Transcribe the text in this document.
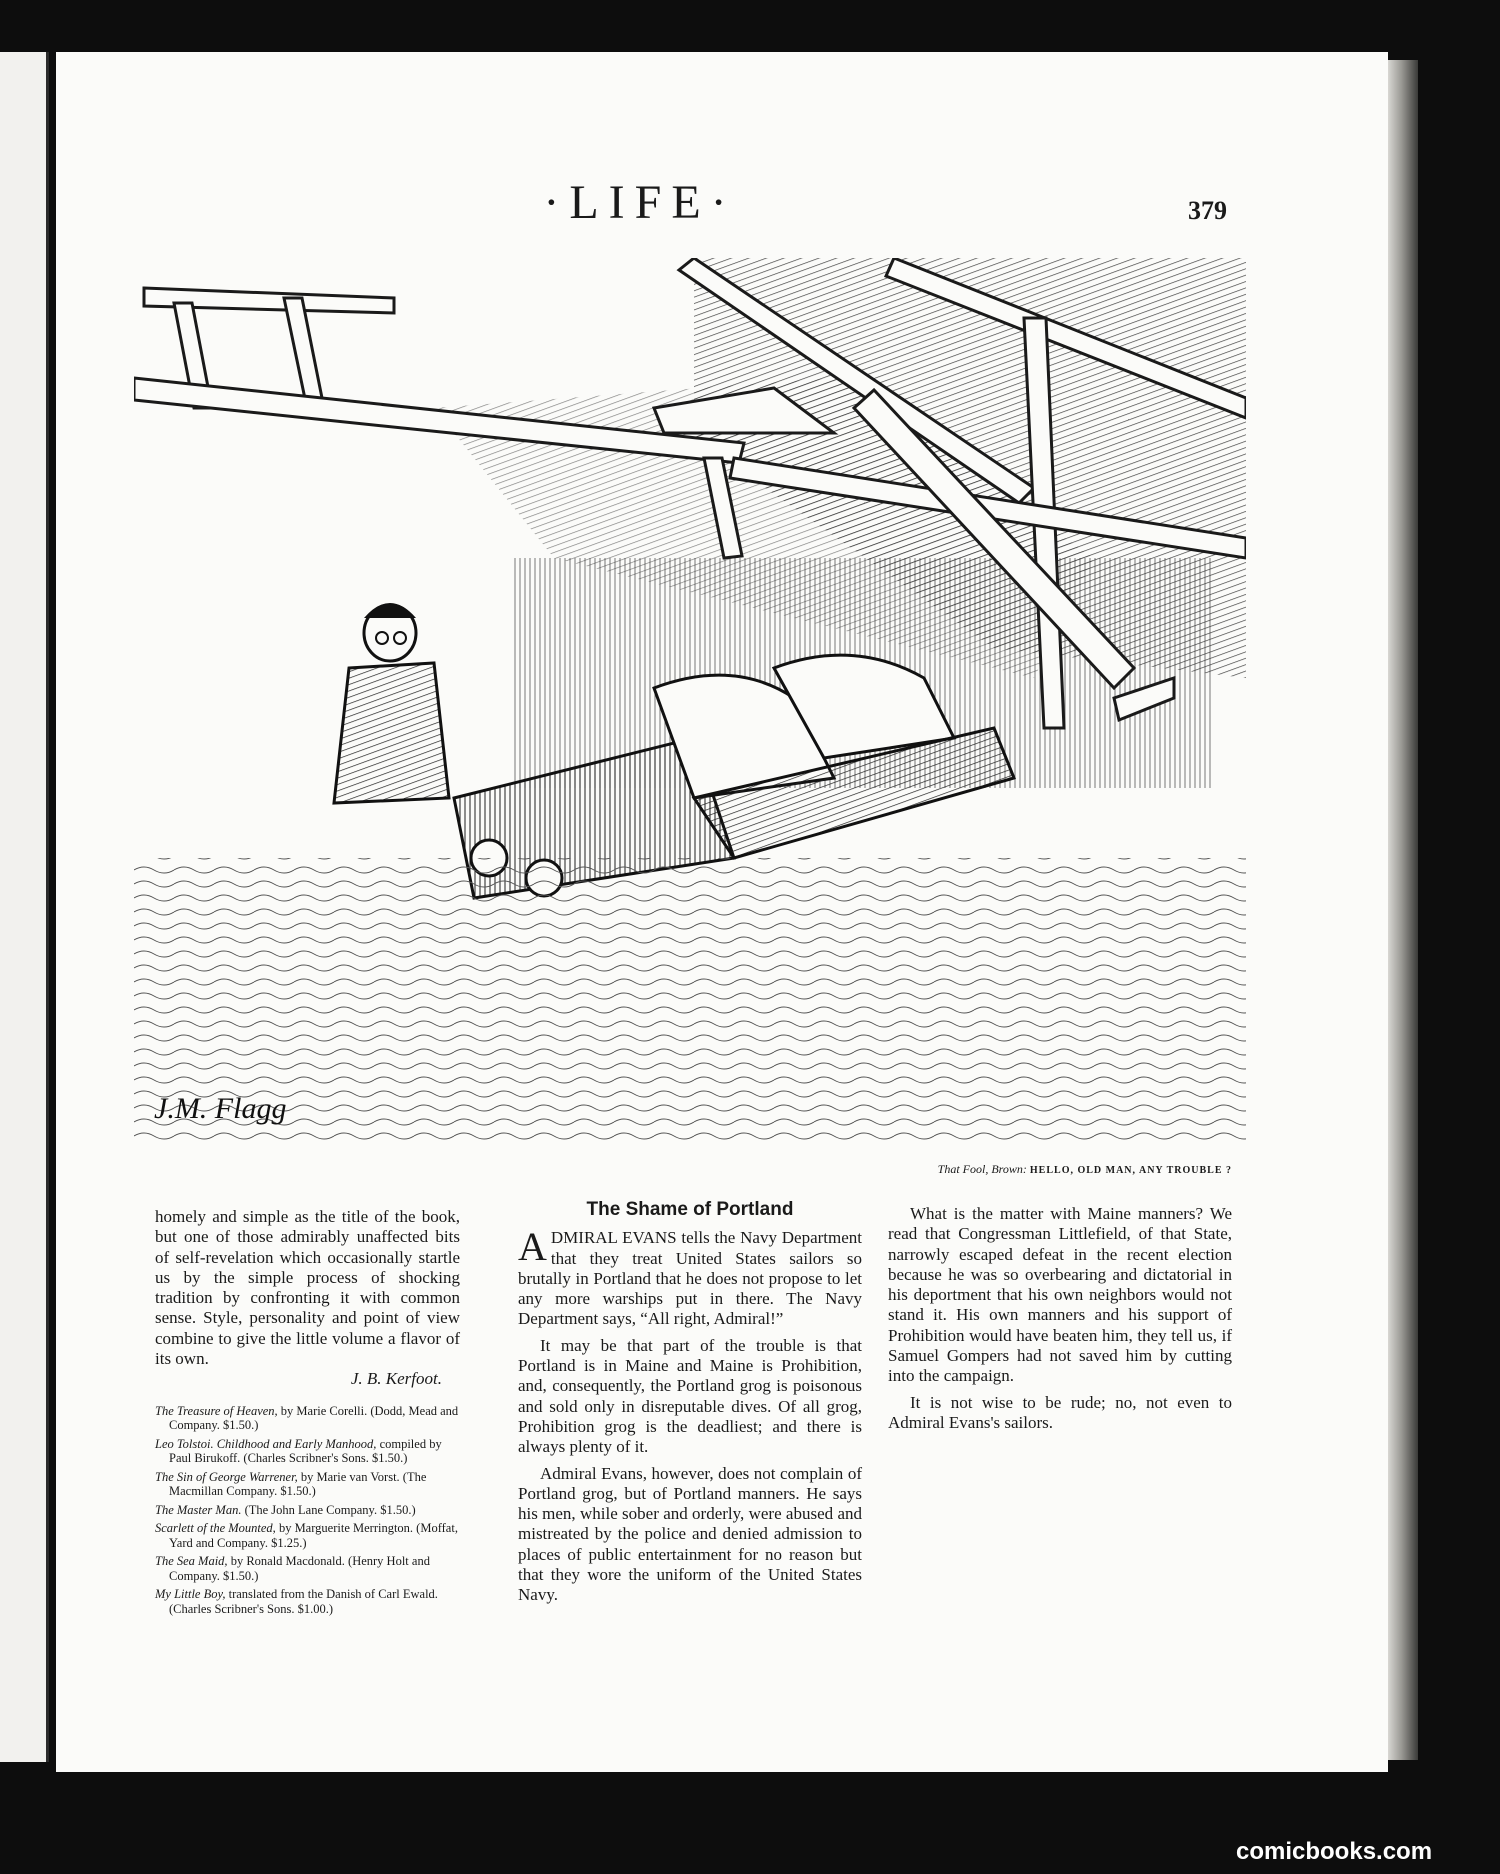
·LIFE·	379
J.M. Flagg
That Fool, Brown: HELLO, OLD MAN, ANY TROUBLE ?

homely and simple as the title of the book, but one of those admirably unaffected bits of self-revelation which occasionally startle us by the simple process of shocking tradition by confronting it with common sense. Style, personality and point of view combine to give the little volume a flavor of its own.

J. B. Kerfoot.

The Treasure of Heaven, by Marie Corelli. (Dodd, Mead and Company. $1.50.)

Leo Tolstoi. Childhood and Early Manhood, compiled by Paul Birukoff. (Charles Scribner's Sons. $1.50.)

The Sin of George Warrener, by Marie van Vorst. (The Macmillan Company. $1.50.)

The Master Man. (The John Lane Company. $1.50.)

Scarlett of the Mounted, by Marguerite Merrington. (Moffat, Yard and Company. $1.25.)

The Sea Maid, by Ronald Macdonald. (Henry Holt and Company. $1.50.)

My Little Boy, translated from the Danish of Carl Ewald. (Charles Scribner's Sons. $1.00.)

The Shame of Portland

ADMIRAL EVANS tells the Navy Department that they treat United States sailors so brutally in Portland that he does not propose to let any more warships put in there. The Navy Department says, “All right, Admiral!”

It may be that part of the trouble is that Portland is in Maine and Maine is Prohibition, and, consequently, the Portland grog is poisonous and sold only in disreputable dives. Of all grog, Prohibition grog is the deadliest; and there is always plenty of it.

Admiral Evans, however, does not complain of Portland grog, but of Portland manners. He says his men, while sober and orderly, were abused and mistreated by the police and denied admission to places of public entertainment for no reason but that they wore the uniform of the United States Navy.

What is the matter with Maine manners? We read that Congressman Littlefield, of that State, narrowly escaped defeat in the recent election because he was so overbearing and dictatorial in his deportment that his own neighbors would not stand it. His own manners and his support of Prohibition would have beaten him, they tell us, if Samuel Gompers had not saved him by cutting into the campaign.

It is not wise to be rude; no, not even to Admiral Evans's sailors.

comicbooks.com
